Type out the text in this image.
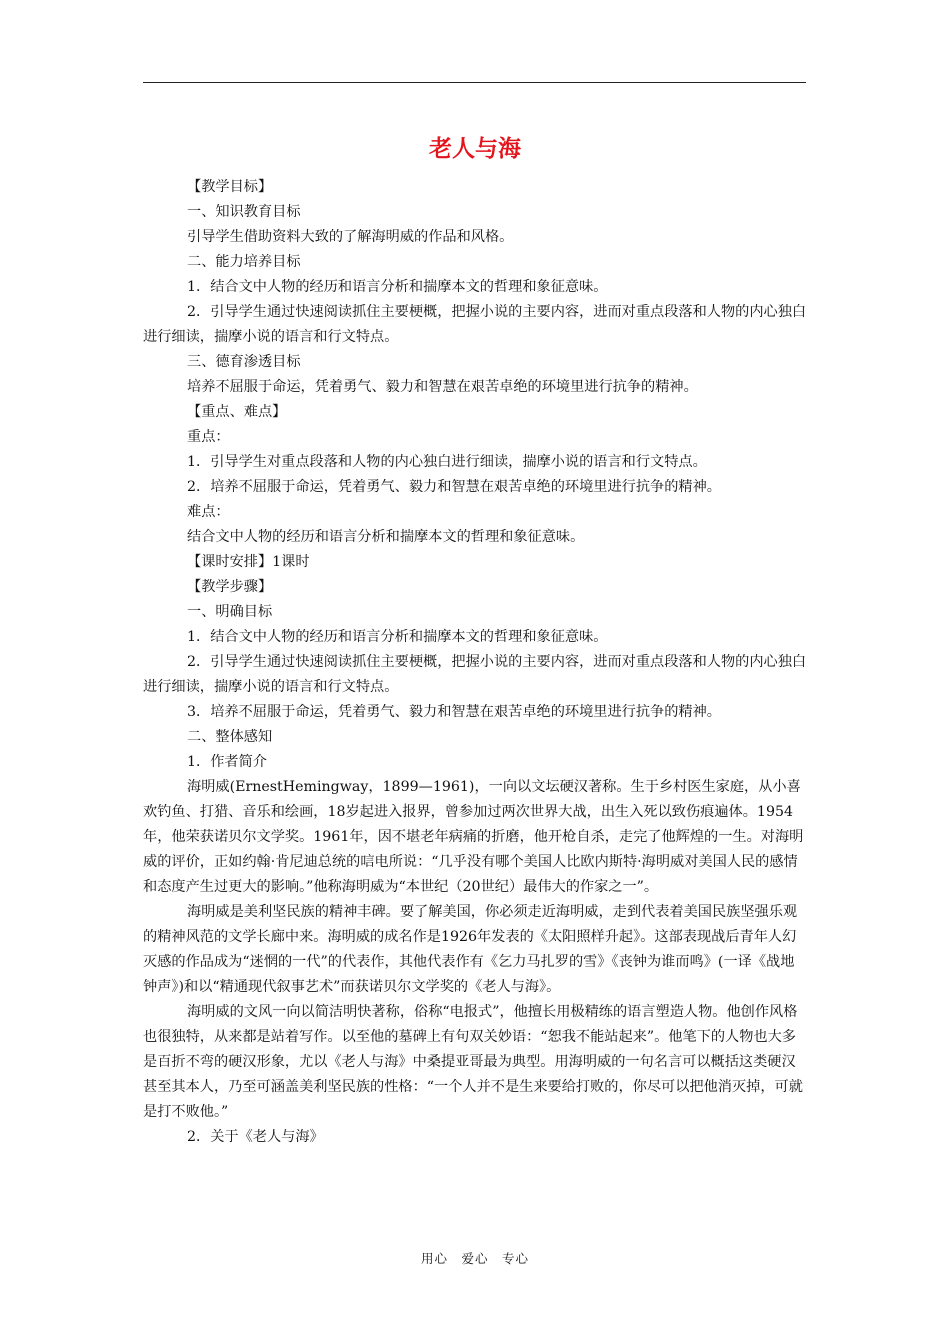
老人与海

【教学目标】

一、知识教育目标

引导学生借助资料大致的了解海明威的作品和风格。

二、能力培养目标

1．结合文中人物的经历和语言分析和揣摩本文的哲理和象征意味。

2．引导学生通过快速阅读抓住主要梗概，把握小说的主要内容，进而对重点段落和人物的内心独白进行细读，揣摩小说的语言和行文特点。

三、德育渗透目标

培养不屈服于命运，凭着勇气、毅力和智慧在艰苦卓绝的环境里进行抗争的精神。

【重点、难点】

重点：

1．引导学生对重点段落和人物的内心独白进行细读，揣摩小说的语言和行文特点。

2．培养不屈服于命运，凭着勇气、毅力和智慧在艰苦卓绝的环境里进行抗争的精神。

难点：

结合文中人物的经历和语言分析和揣摩本文的哲理和象征意味。

【课时安排】1课时

【教学步骤】

一、明确目标

1．结合文中人物的经历和语言分析和揣摩本文的哲理和象征意味。

2．引导学生通过快速阅读抓住主要梗概，把握小说的主要内容，进而对重点段落和人物的内心独白进行细读，揣摩小说的语言和行文特点。

3．培养不屈服于命运，凭着勇气、毅力和智慧在艰苦卓绝的环境里进行抗争的精神。

二、整体感知

1．作者简介

海明威(ErnestHemingway，1899—1961)，一向以文坛硬汉著称。生于乡村医生家庭，从小喜欢钓鱼、打猎、音乐和绘画，18岁起进入报界，曾参加过两次世界大战，出生入死以致伤痕遍体。1954年，他荣获诺贝尔文学奖。1961年，因不堪老年病痛的折磨，他开枪自杀，走完了他辉煌的一生。对海明威的评价，正如约翰·肯尼迪总统的唁电所说：“几乎没有哪个美国人比欧内斯特·海明威对美国人民的感情和态度产生过更大的影响。”他称海明威为“本世纪（20世纪）最伟大的作家之一”。

海明威是美利坚民族的精神丰碑。要了解美国，你必须走近海明威，走到代表着美国民族坚强乐观的精神风范的文学长廊中来。海明威的成名作是1926年发表的《太阳照样升起》。这部表现战后青年人幻灭感的作品成为“迷惘的一代”的代表作，其他代表作有《乞力马扎罗的雪》《丧钟为谁而鸣》(一译《战地钟声》)和以“精通现代叙事艺术”而获诺贝尔文学奖的《老人与海》。

海明威的文风一向以简洁明快著称，俗称“电报式”，他擅长用极精练的语言塑造人物。他创作风格也很独特，从来都是站着写作。以至他的墓碑上有句双关妙语：“恕我不能站起来”。他笔下的人物也大多是百折不弯的硬汉形象，尤以《老人与海》中桑提亚哥最为典型。用海明威的一句名言可以概括这类硬汉甚至其本人，乃至可涵盖美利坚民族的性格：“一个人并不是生来要给打败的，你尽可以把他消灭掉，可就是打不败他。”

2．关于《老人与海》

用心　爱心　专心
